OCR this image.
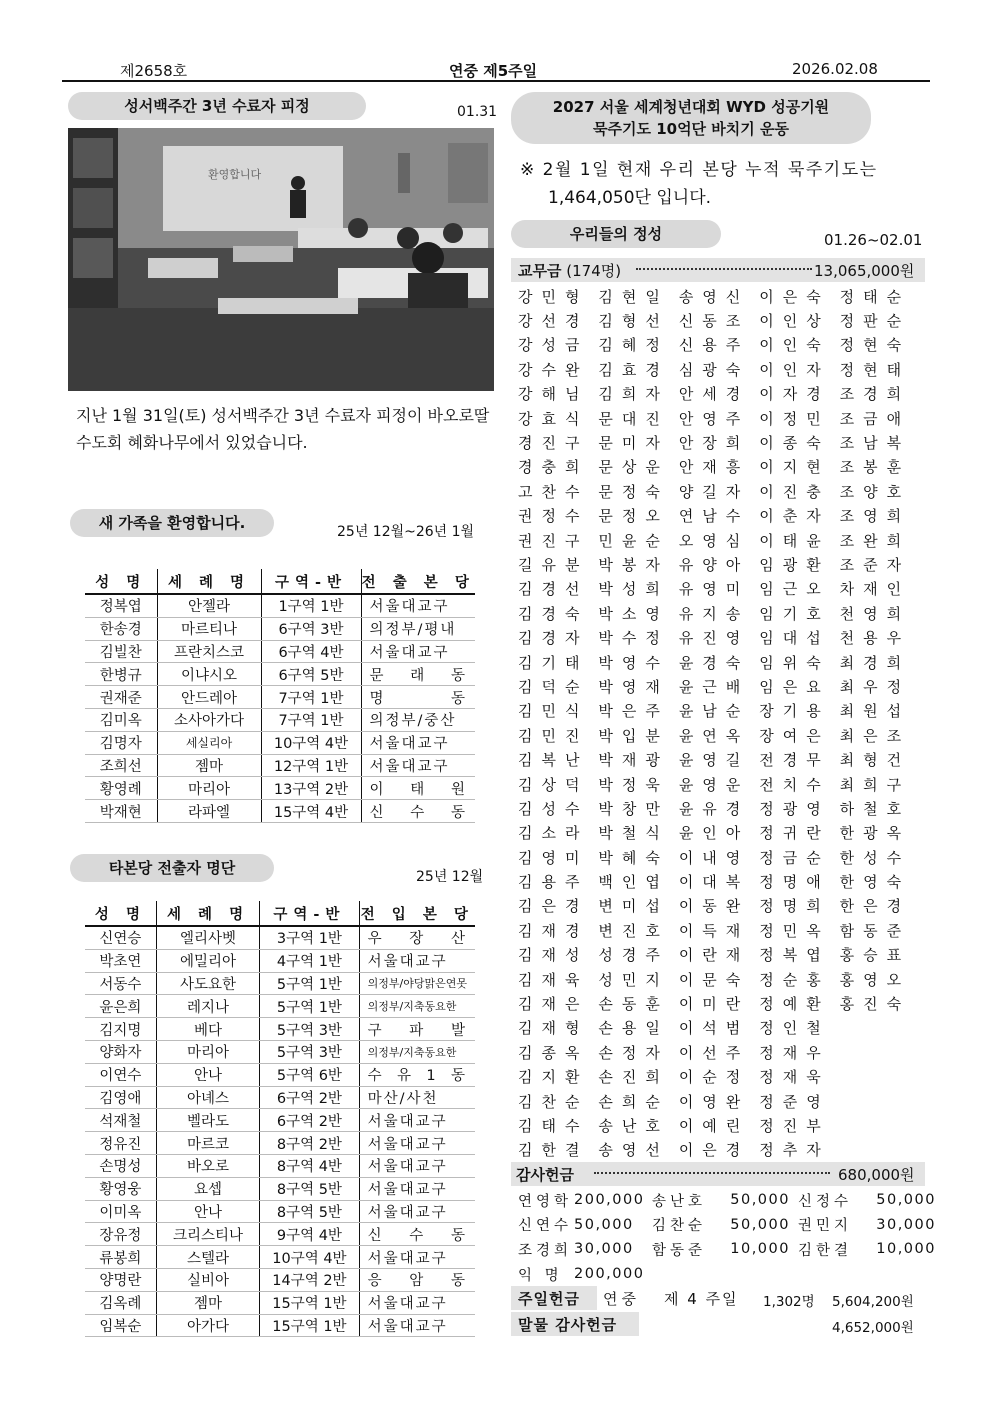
제2658호	연중 제5주일	2026.02.08
성서백주간 3년 수료자 피정	01.31
환영합니다
지난 1월 31일(토) 성서백주간 3년 수료자 피정이 바오로딸 수도회 혜화나무에서 있었습니다.
새 가족을 환영합니다.	25년 12월~26년 1월
성 명	세 례 명	구역-반	전 출 본 당
정복엽	안젤라	1구역 1반	서울대교구
한송경	마르티나	6구역 3반	의정부/평내
김빌찬	프란치스코	6구역 4반	서울대교구
한병규	이냐시오	6구역 5반	문 래 동
권재준	안드레아	7구역 1반	명 동
김미옥	소사아가다	7구역 1반	의정부/중산
김명자	세실리아	10구역 4반	서울대교구
조희선	젬마	12구역 1반	서울대교구
황영례	마리아	13구역 2반	이 태 원
박재현	라파엘	15구역 4반	신 수 동
타본당 전출자 명단	25년 12월
성 명	세 례 명	구역-반	전 입 본 당
신연승	엘리사벳	3구역 1반	우 장 산
박초연	에밀리아	4구역 1반	서울대교구
서동수	사도요한	5구역 1반	의정부/야당맑은연못
윤은희	레지나	5구역 1반	의정부/지축동요한
김지명	베다	5구역 3반	구 파 발
양화자	마리아	5구역 3반	의정부/지축동요한
이연수	안나	5구역 6반	수 유 1 동
김영애	아녜스	6구역 2반	마산/사천
석재철	벨라도	6구역 2반	서울대교구
정유진	마르코	8구역 2반	서울대교구
손명성	바오로	8구역 4반	서울대교구
황영웅	요셉	8구역 5반	서울대교구
이미옥	안나	8구역 5반	서울대교구
장유정	크리스티나	9구역 4반	신 수 동
류봉희	스텔라	10구역 4반	서울대교구
양명란	실비아	14구역 2반	응 암 동
김옥례	젬마	15구역 1반	서울대교구
임복순	아가다	15구역 1반	서울대교구
2027 서울 세계청년대회 WYD 성공기원
묵주기도 10억단 바치기 운동
※ 2월 1일 현재 우리 본당 누적 묵주기도는
1,464,050단 입니다.
우리들의 정성	01.26~02.01
교무금 (174명)	13,065,000원
강민형 김현일 송영신 이은숙 정태순
강선경 김형선 신동조 이인상 정판순
강성금 김혜정 신용주 이인숙 정현숙
강수완 김효경 심광숙 이인자 정현태
강해님 김희자 안세경 이자경 조경희
강효식 문대진 안영주 이정민 조금애
경진구 문미자 안장희 이종숙 조남복
경충희 문상운 안재흥 이지현 조봉훈
고찬수 문정숙 양길자 이진충 조양호
권정수 문정오 연남수 이춘자 조영희
권진구 민윤순 오영심 이태윤 조완희
길유분 박봉자 유양아 임광환 조준자
김경선 박성희 유영미 임근오 차재인
김경숙 박소영 유지송 임기호 천영희
김경자 박수정 유진영 임대섭 천용우
김기태 박영수 윤경숙 임위숙 최경희
김덕순 박영재 윤근배 임은요 최우정
김민식 박은주 윤남순 장기용 최원섭
김민진 박입분 윤연옥 장여은 최은조
김복난 박재광 윤영길 전경무 최형건
김상덕 박정욱 윤영운 전치수 최희구
김성수 박창만 윤유경 정광영 하철호
김소라 박철식 윤인아 정귀란 한광옥
김영미 박혜숙 이내영 정금순 한성수
김용주 백인엽 이대복 정명애 한영숙
김은경 변미섭 이동완 정명희 한은경
김재경 변진호 이득재 정민옥 함동준
김재성 성경주 이란재 정복엽 홍승표
김재육 성민지 이문숙 정순홍 홍영오
김재은 손동훈 이미란 정예환 홍진숙
김재형 손용일 이석범 정인철
김종옥 손정자 이선주 정재우
김지환 손진희 이순정 정재욱
김찬순 손희순 이영완 정준영
김태수 송난호 이예린 정진부
김한결 송영선 이은경 정추자
감사헌금	680,000원
연영학 200,000 송난호	50,000 신정수	50,000
신연수 50,000	김찬순	50,000 권민지	30,000
조경희 30,000	함동준	10,000 김한결	10,000
익 명 200,000
주일헌금 연중 제 4 주일 1,302명 5,604,200원
말물 감사헌금	4,652,000원
